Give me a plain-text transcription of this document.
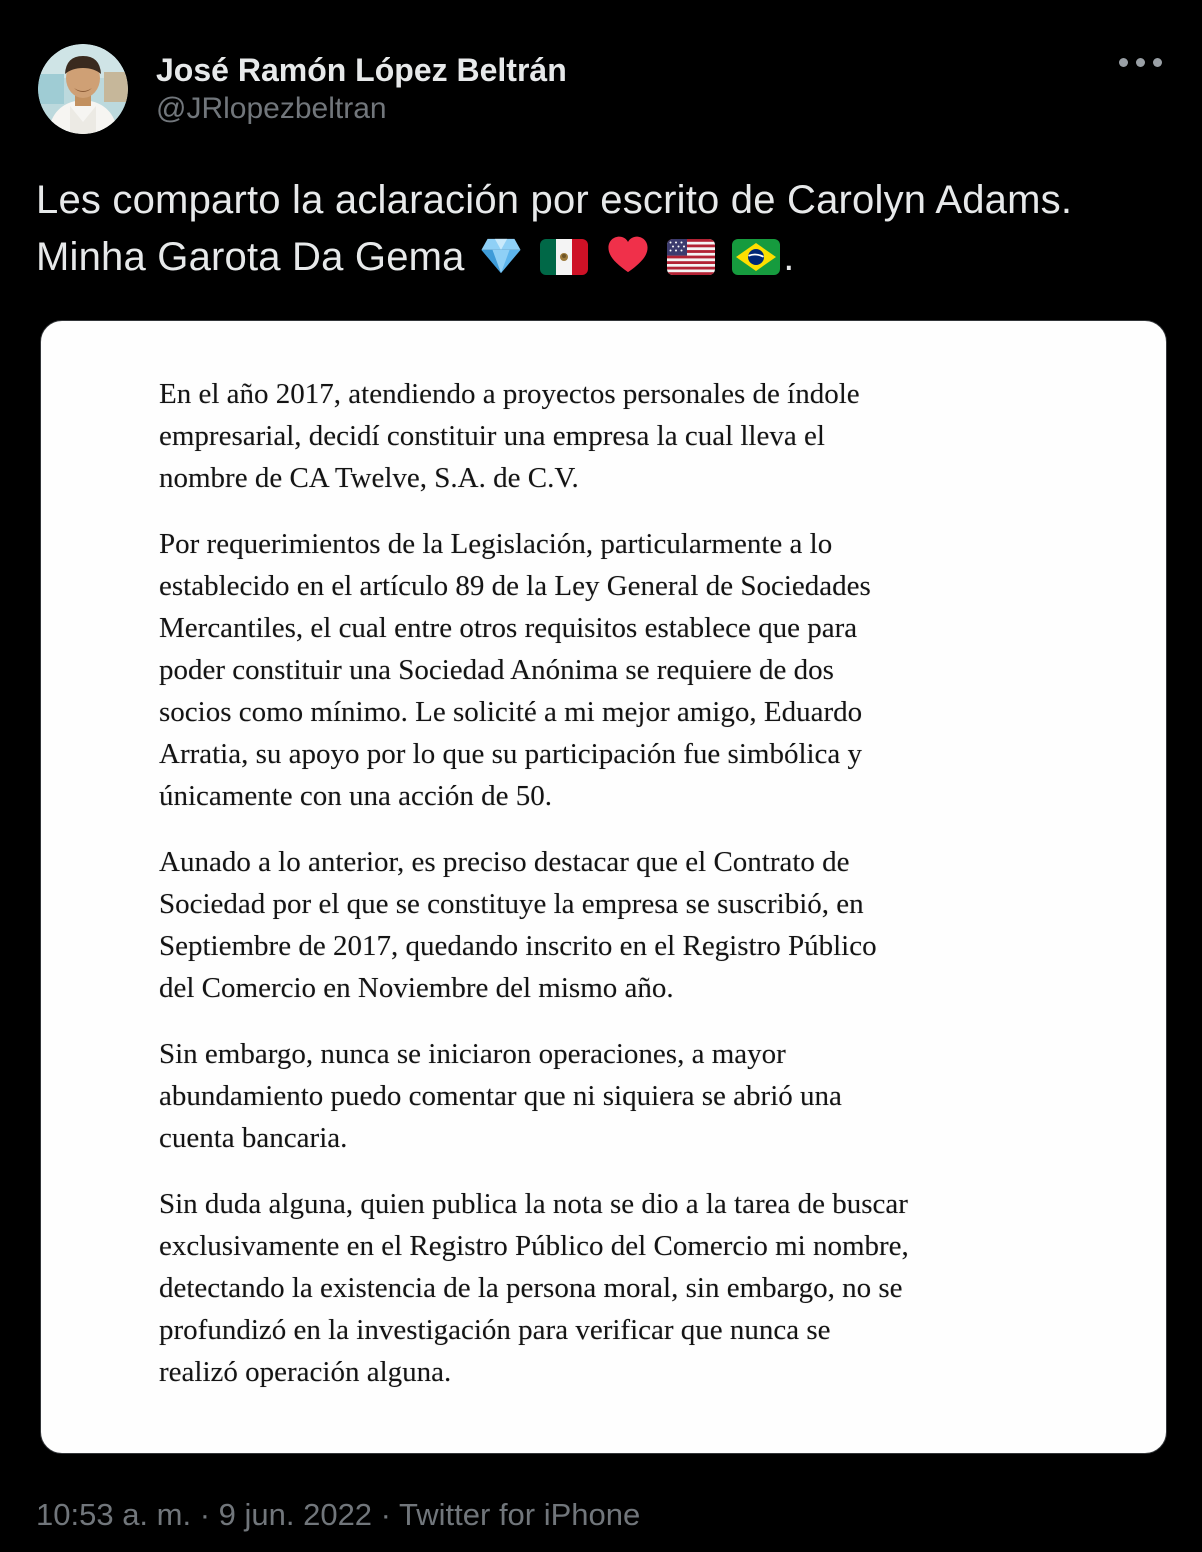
José Ramón López Beltrán
@JRlopezbeltran
Les comparto la aclaración por escrito de Carolyn Adams. Minha Garota Da Gema

	.
En el año 2017, atendiendo a proyectos personales de índole
empresarial, decidí constituir una empresa la cual lleva el
nombre de CA Twelve, S.A. de C.V.
Por requerimientos de la Legislación, particularmente a lo
establecido en el artículo 89 de la Ley General de Sociedades
Mercantiles, el cual entre otros requisitos establece que para
poder constituir una Sociedad Anónima se requiere de dos
socios como mínimo. Le solicité a mi mejor amigo, Eduardo
Arratia, su apoyo por lo que su participación fue simbólica y
únicamente con una acción de 50.
Aunado a lo anterior, es preciso destacar que el Contrato de
Sociedad por el que se constituye la empresa se suscribió, en
Septiembre de 2017, quedando inscrito en el Registro Público
del Comercio en Noviembre del mismo año.
Sin embargo, nunca se iniciaron operaciones, a mayor
abundamiento puedo comentar que ni siquiera se abrió una
cuenta bancaria.
Sin duda alguna, quien publica la nota se dio a la tarea de buscar
exclusivamente en el Registro Público del Comercio mi nombre,
detectando la existencia de la persona moral, sin embargo, no se
profundizó en la investigación para verificar que nunca se
realizó operación alguna.
10:53 a. m. · 9 jun. 2022 · Twitter for iPhone
